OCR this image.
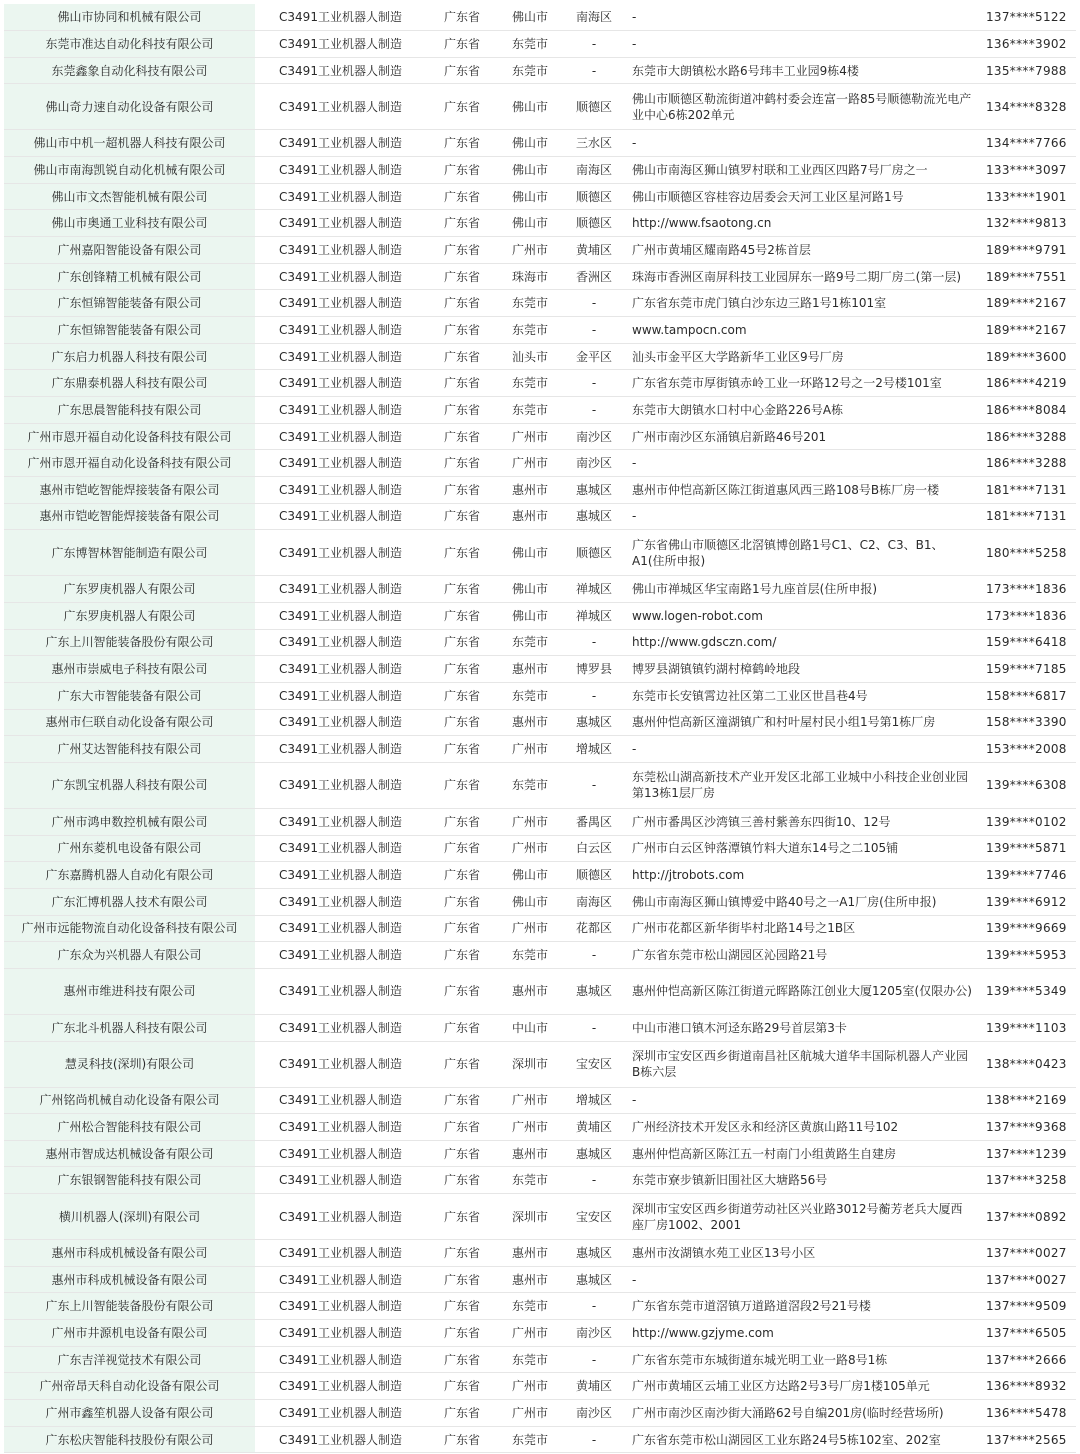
佛山市协同和机械有限公司	C3491工业机器人制造	广东省	佛山市	南海区	-	137****5122
东莞市准达自动化科技有限公司	C3491工业机器人制造	广东省	东莞市	-	-	136****3902
东莞鑫象自动化科技有限公司	C3491工业机器人制造	广东省	东莞市	-	东莞市大朗镇松水路6号玮丰工业园9栋4楼	135****7988
佛山奇力速自动化设备有限公司	C3491工业机器人制造	广东省	佛山市	顺德区	佛山市顺德区勒流街道冲鹤村委会连富一路85号顺德勒流光电产业中心6栋202单元	134****8328
佛山市中机一超机器人科技有限公司	C3491工业机器人制造	广东省	佛山市	三水区	-	134****7766
佛山市南海凯锐自动化机械有限公司	C3491工业机器人制造	广东省	佛山市	南海区	佛山市南海区狮山镇罗村联和工业西区四路7号厂房之一	133****3097
佛山市文杰智能机械有限公司	C3491工业机器人制造	广东省	佛山市	顺德区	佛山市顺德区容桂容边居委会天河工业区星河路1号	133****1901
佛山市奥通工业科技有限公司	C3491工业机器人制造	广东省	佛山市	顺德区	http://www.fsaotong.cn	132****9813
广州嘉阳智能设备有限公司	C3491工业机器人制造	广东省	广州市	黄埔区	广州市黄埔区耀南路45号2栋首层	189****9791
广东创锋精工机械有限公司	C3491工业机器人制造	广东省	珠海市	香洲区	珠海市香洲区南屏科技工业园屏东一路9号二期厂房二(第一层)	189****7551
广东恒锦智能装备有限公司	C3491工业机器人制造	广东省	东莞市	-	广东省东莞市虎门镇白沙东边三路1号1栋101室	189****2167
广东恒锦智能装备有限公司	C3491工业机器人制造	广东省	东莞市	-	www.tampocn.com	189****2167
广东启力机器人科技有限公司	C3491工业机器人制造	广东省	汕头市	金平区	汕头市金平区大学路新华工业区9号厂房	189****3600
广东鼎泰机器人科技有限公司	C3491工业机器人制造	广东省	东莞市	-	广东省东莞市厚街镇赤岭工业一环路12号之一2号楼101室	186****4219
广东思晨智能科技有限公司	C3491工业机器人制造	广东省	东莞市	-	东莞市大朗镇水口村中心金路226号A栋	186****8084
广州市恩开福自动化设备科技有限公司	C3491工业机器人制造	广东省	广州市	南沙区	广州市南沙区东涌镇启新路46号201	186****3288
广州市恩开福自动化设备科技有限公司	C3491工业机器人制造	广东省	广州市	南沙区	-	186****3288
惠州市铠屹智能焊接装备有限公司	C3491工业机器人制造	广东省	惠州市	惠城区	惠州市仲恺高新区陈江街道惠风西三路108号B栋厂房一楼	181****7131
惠州市铠屹智能焊接装备有限公司	C3491工业机器人制造	广东省	惠州市	惠城区	-	181****7131
广东博智林智能制造有限公司	C3491工业机器人制造	广东省	佛山市	顺德区	广东省佛山市顺德区北滘镇博创路1号C1、C2、C3、B1、A1(住所申报)	180****5258
广东罗庚机器人有限公司	C3491工业机器人制造	广东省	佛山市	禅城区	佛山市禅城区华宝南路1号九座首层(住所申报)	173****1836
广东罗庚机器人有限公司	C3491工业机器人制造	广东省	佛山市	禅城区	www.logen-robot.com	173****1836
广东上川智能装备股份有限公司	C3491工业机器人制造	广东省	东莞市	-	http://www.gdsczn.com/	159****6418
惠州市崇威电子科技有限公司	C3491工业机器人制造	广东省	惠州市	博罗县	博罗县湖镇镇钓湖村樟鹤岭地段	159****7185
广东大市智能装备有限公司	C3491工业机器人制造	广东省	东莞市	-	东莞市长安镇霄边社区第二工业区世昌巷4号	158****6817
惠州市仨联自动化设备有限公司	C3491工业机器人制造	广东省	惠州市	惠城区	惠州仲恺高新区潼湖镇广和村叶屋村民小组1号第1栋厂房	158****3390
广州艾达智能科技有限公司	C3491工业机器人制造	广东省	广州市	增城区	-	153****2008
广东凯宝机器人科技有限公司	C3491工业机器人制造	广东省	东莞市	-	东莞松山湖高新技术产业开发区北部工业城中小科技企业创业园第13栋1层厂房	139****6308
广州市鸿申数控机械有限公司	C3491工业机器人制造	广东省	广州市	番禺区	广州市番禺区沙湾镇三善村紫善东四街10、12号	139****0102
广州东菱机电设备有限公司	C3491工业机器人制造	广东省	广州市	白云区	广州市白云区钟落潭镇竹料大道东14号之二105铺	139****5871
广东嘉腾机器人自动化有限公司	C3491工业机器人制造	广东省	佛山市	顺德区	http://jtrobots.com	139****7746
广东汇博机器人技术有限公司	C3491工业机器人制造	广东省	佛山市	南海区	佛山市南海区狮山镇博爱中路40号之一A1厂房(住所申报)	139****6912
广州市远能物流自动化设备科技有限公司	C3491工业机器人制造	广东省	广州市	花都区	广州市花都区新华街毕村北路14号之1B区	139****9669
广东众为兴机器人有限公司	C3491工业机器人制造	广东省	东莞市	-	广东省东莞市松山湖园区沁园路21号	139****5953
惠州市维进科技有限公司	C3491工业机器人制造	广东省	惠州市	惠城区	惠州仲恺高新区陈江街道元晖路陈江创业大厦1205室(仅限办公)	139****5349
广东北斗机器人科技有限公司	C3491工业机器人制造	广东省	中山市	-	中山市港口镇木河迳东路29号首层第3卡	139****1103
慧灵科技(深圳)有限公司	C3491工业机器人制造	广东省	深圳市	宝安区	深圳市宝安区西乡街道南昌社区航城大道华丰国际机器人产业园B栋六层	138****0423
广州铭尚机械自动化设备有限公司	C3491工业机器人制造	广东省	广州市	增城区	-	138****2169
广州松合智能科技有限公司	C3491工业机器人制造	广东省	广州市	黄埔区	广州经济技术开发区永和经济区黄旗山路11号102	137****9368
惠州市智成达机械设备有限公司	C3491工业机器人制造	广东省	惠州市	惠城区	惠州仲恺高新区陈江五一村南门小组黄路生自建房	137****1239
广东银钢智能科技有限公司	C3491工业机器人制造	广东省	东莞市	-	东莞市寮步镇新旧围社区大塘路56号	137****3258
横川机器人(深圳)有限公司	C3491工业机器人制造	广东省	深圳市	宝安区	深圳市宝安区西乡街道劳动社区兴业路3012号蘅芳老兵大厦西座厂房1002、2001	137****0892
惠州市科成机械设备有限公司	C3491工业机器人制造	广东省	惠州市	惠城区	惠州市汝湖镇水苑工业区13号小区	137****0027
惠州市科成机械设备有限公司	C3491工业机器人制造	广东省	惠州市	惠城区	-	137****0027
广东上川智能装备股份有限公司	C3491工业机器人制造	广东省	东莞市	-	广东省东莞市道滘镇万道路道滘段2号21号楼	137****9509
广州市井源机电设备有限公司	C3491工业机器人制造	广东省	广州市	南沙区	http://www.gzjyme.com	137****6505
广东吉洋视觉技术有限公司	C3491工业机器人制造	广东省	东莞市	-	广东省东莞市东城街道东城光明工业一路8号1栋	137****2666
广州帝昂天科自动化设备有限公司	C3491工业机器人制造	广东省	广州市	黄埔区	广州市黄埔区云埔工业区方达路2号3号厂房1楼105单元	136****8932
广州市鑫笙机器人设备有限公司	C3491工业机器人制造	广东省	广州市	南沙区	广州市南沙区南沙街大涌路62号自编201房(临时经营场所)	136****5478
广东松庆智能科技股份有限公司	C3491工业机器人制造	广东省	东莞市	-	广东省东莞市松山湖园区工业东路24号5栋102室、202室	137****2565
